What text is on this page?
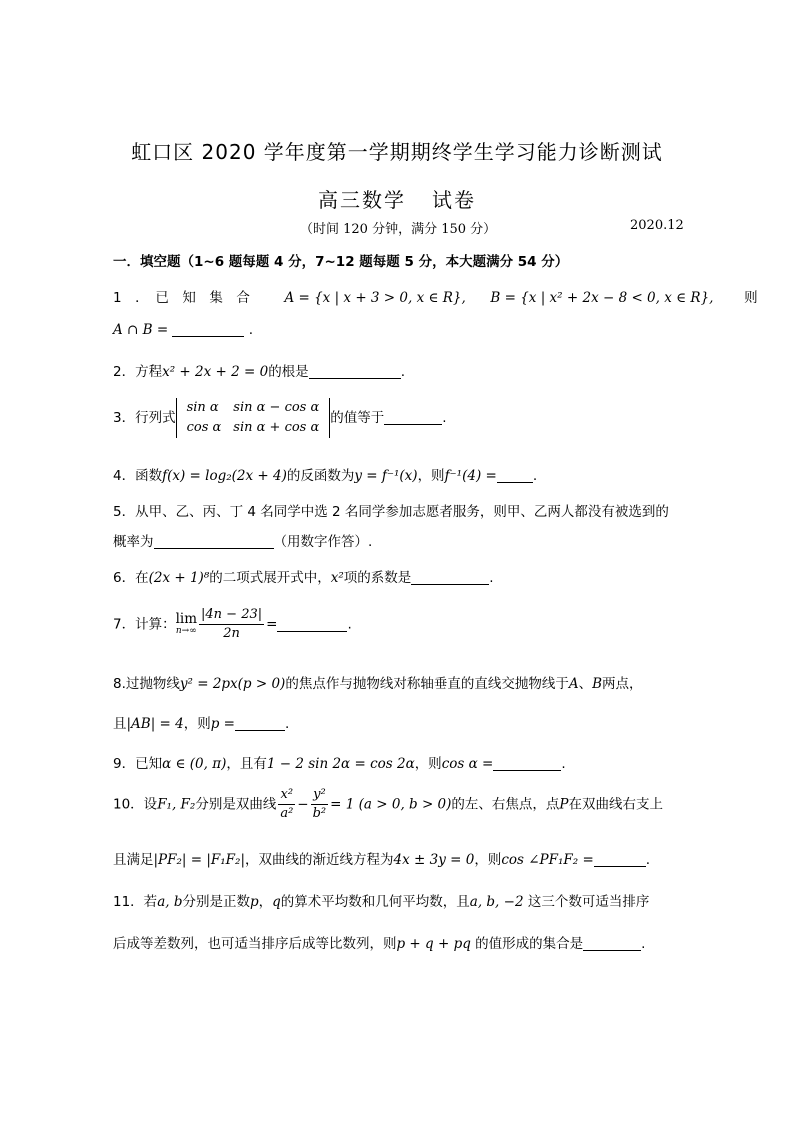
虹口区 2020 学年度第一学期期终学生学习能力诊断测试
高三数学 试卷
（时间 120 分钟，满分 150 分）	2020.12
一．填空题（1~6 题每题 4 分，7~12 题每题 5 分，本大题满分 54 分）
1　．　已　知　集　合	A = {x | x + 3 > 0, x ∈ R}, B = {x | x² + 2x − 8 < 0, x ∈ R}, 则
A ∩ B =	.
2．方程x² + 2x + 2 = 0的根是	.
3．行列式
sin α	sin α − cos α
cos α	sin α + cos α
的值等于	.
4．函数f(x) = log₂(2x + 4)的反函数为y = f⁻¹(x)，则f⁻¹(4) =	.
5．从甲、乙、丙、丁 4 名同学中选 2 名同学参加志愿者服务，则甲、乙两人都没有被选到的
概率为	（用数字作答）.
6．在(2x + 1)⁸的二项式展开式中，x²项的系数是	.
7．计算： lim
$n\to\infty \frac{|4n - 23|}{2n}$ =	.
8.过抛物线y² = 2px(p > 0)的焦点作与抛物线对称轴垂直的直线交抛物线于A、B两点，
且|AB| = 4，则p =	.
9．已知α ∈ (0, π)，且有1 − 2 sin 2α = cos 2α，则cos α =	.
10．设F₁, F₂分别是双曲线 $\frac{\text{x²}}{\text{a²}} - \frac{\text{y²}}{\text{b²}} = 1$ (a > 0, b > 0)的左、右焦点，点P在双曲线右支上
且满足|PF₂| = |F₁F₂|，双曲线的渐近线方程为4x ± 3y = 0，则cos ∠PF₁F₂ =	.
11．若a, b分别是正数p，q的算术平均数和几何平均数，且a, b, −2 这三个数可适当排序
后成等差数列，也可适当排序后成等比数列，则p + q + pq 的值形成的集合是	.
